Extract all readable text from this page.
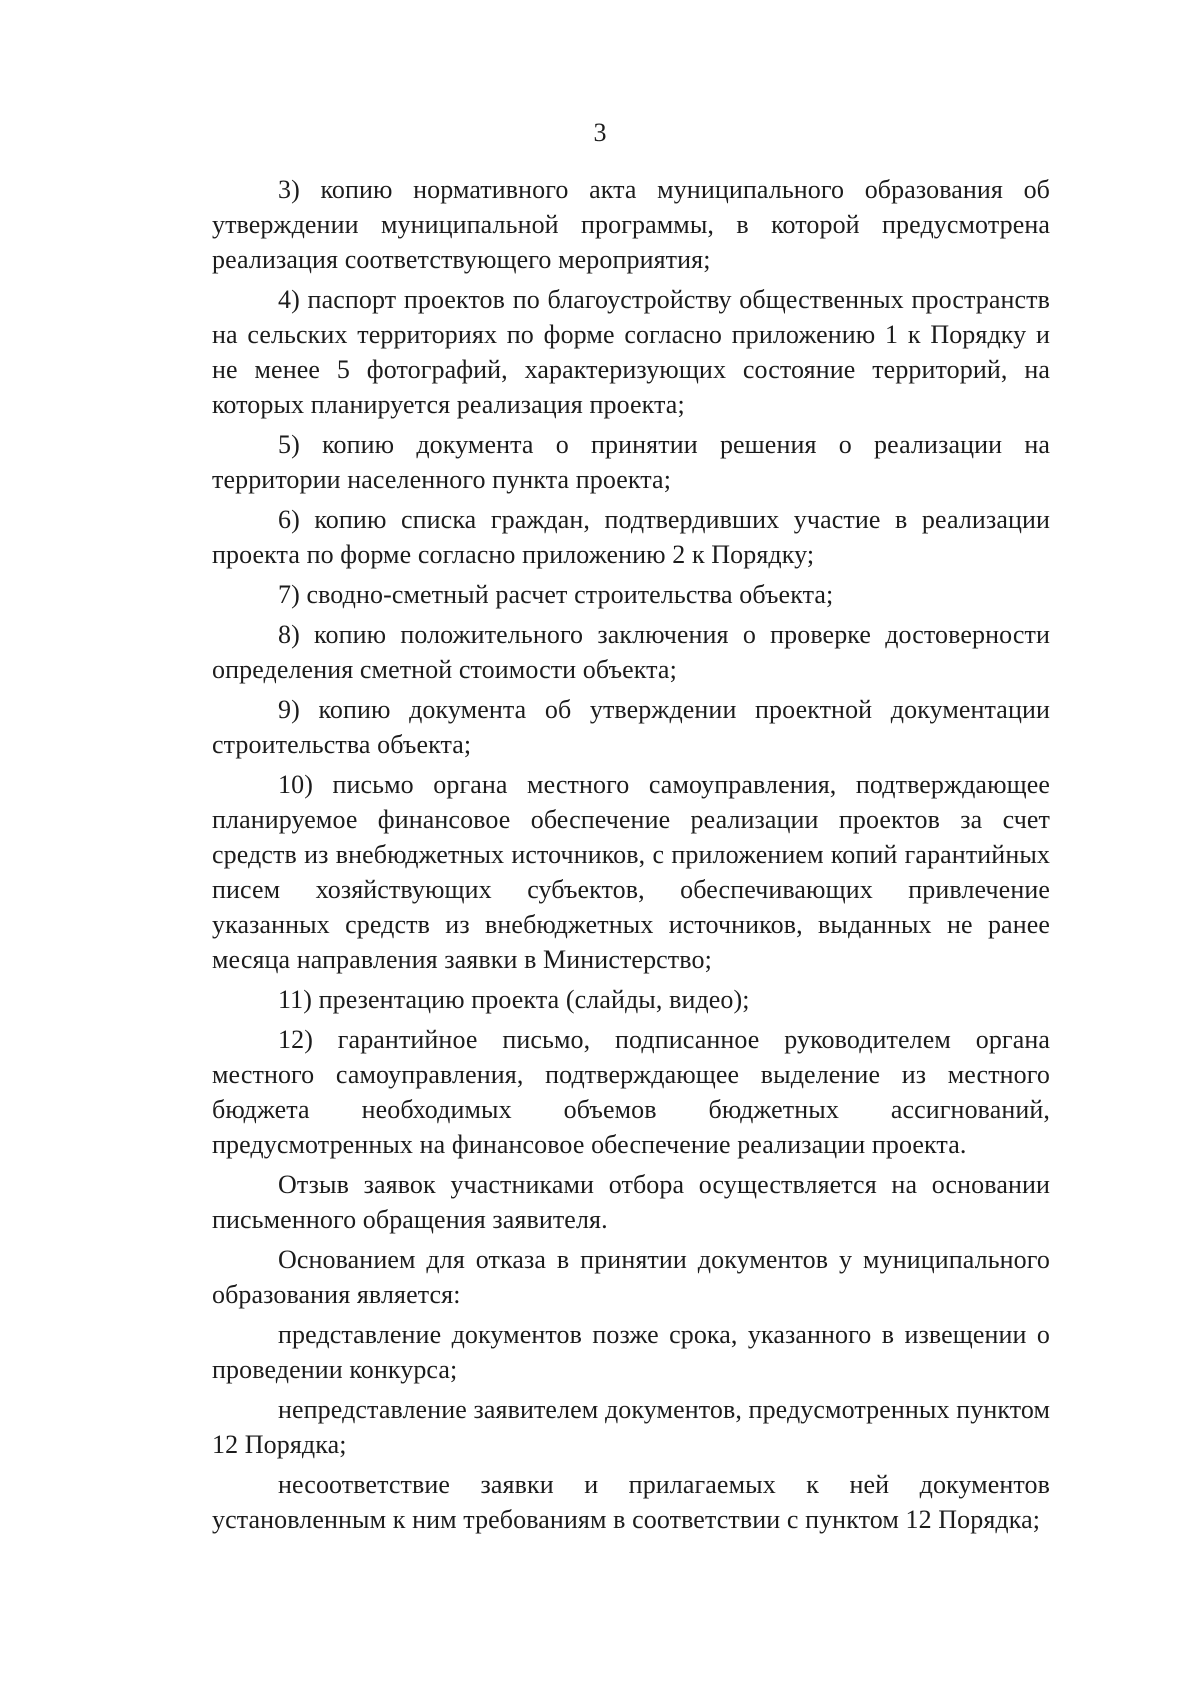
3

3) копию нормативного акта муниципального образования об утверждении муниципальной программы, в которой предусмотрена реализация соответствующего мероприятия;

4) паспорт проектов по благоустройству общественных пространств на сельских территориях по форме согласно приложению 1 к Порядку и не менее 5 фотографий, характеризующих состояние территорий, на которых планируется реализация проекта;

5) копию документа о принятии решения о реализации на территории населенного пункта проекта;

6) копию списка граждан, подтвердивших участие в реализации проекта по форме согласно приложению 2 к Порядку;

7) сводно-сметный расчет строительства объекта;

8) копию положительного заключения о проверке достоверности определения сметной стоимости объекта;

9) копию документа об утверждении проектной документации строительства объекта;

10) письмо органа местного самоуправления, подтверждающее планируемое финансовое обеспечение реализации проектов за счет средств из внебюджетных источников, с приложением копий гарантийных писем хозяйствующих субъектов, обеспечивающих привлечение указанных средств из внебюджетных источников, выданных не ранее месяца направления заявки в Министерство;

11) презентацию проекта (слайды, видео);

12) гарантийное письмо, подписанное руководителем органа местного самоуправления, подтверждающее выделение из местного бюджета необходимых объемов бюджетных ассигнований, предусмотренных на финансовое обеспечение реализации проекта.

Отзыв заявок участниками отбора осуществляется на основании письменного обращения заявителя.

Основанием для отказа в принятии документов у муниципального образования является:

представление документов позже срока, указанного в извещении о проведении конкурса;

непредставление заявителем документов, предусмотренных пунктом 12 Порядка;

несоответствие заявки и прилагаемых к ней документов установленным к ним требованиям в соответствии с пунктом 12 Порядка;
